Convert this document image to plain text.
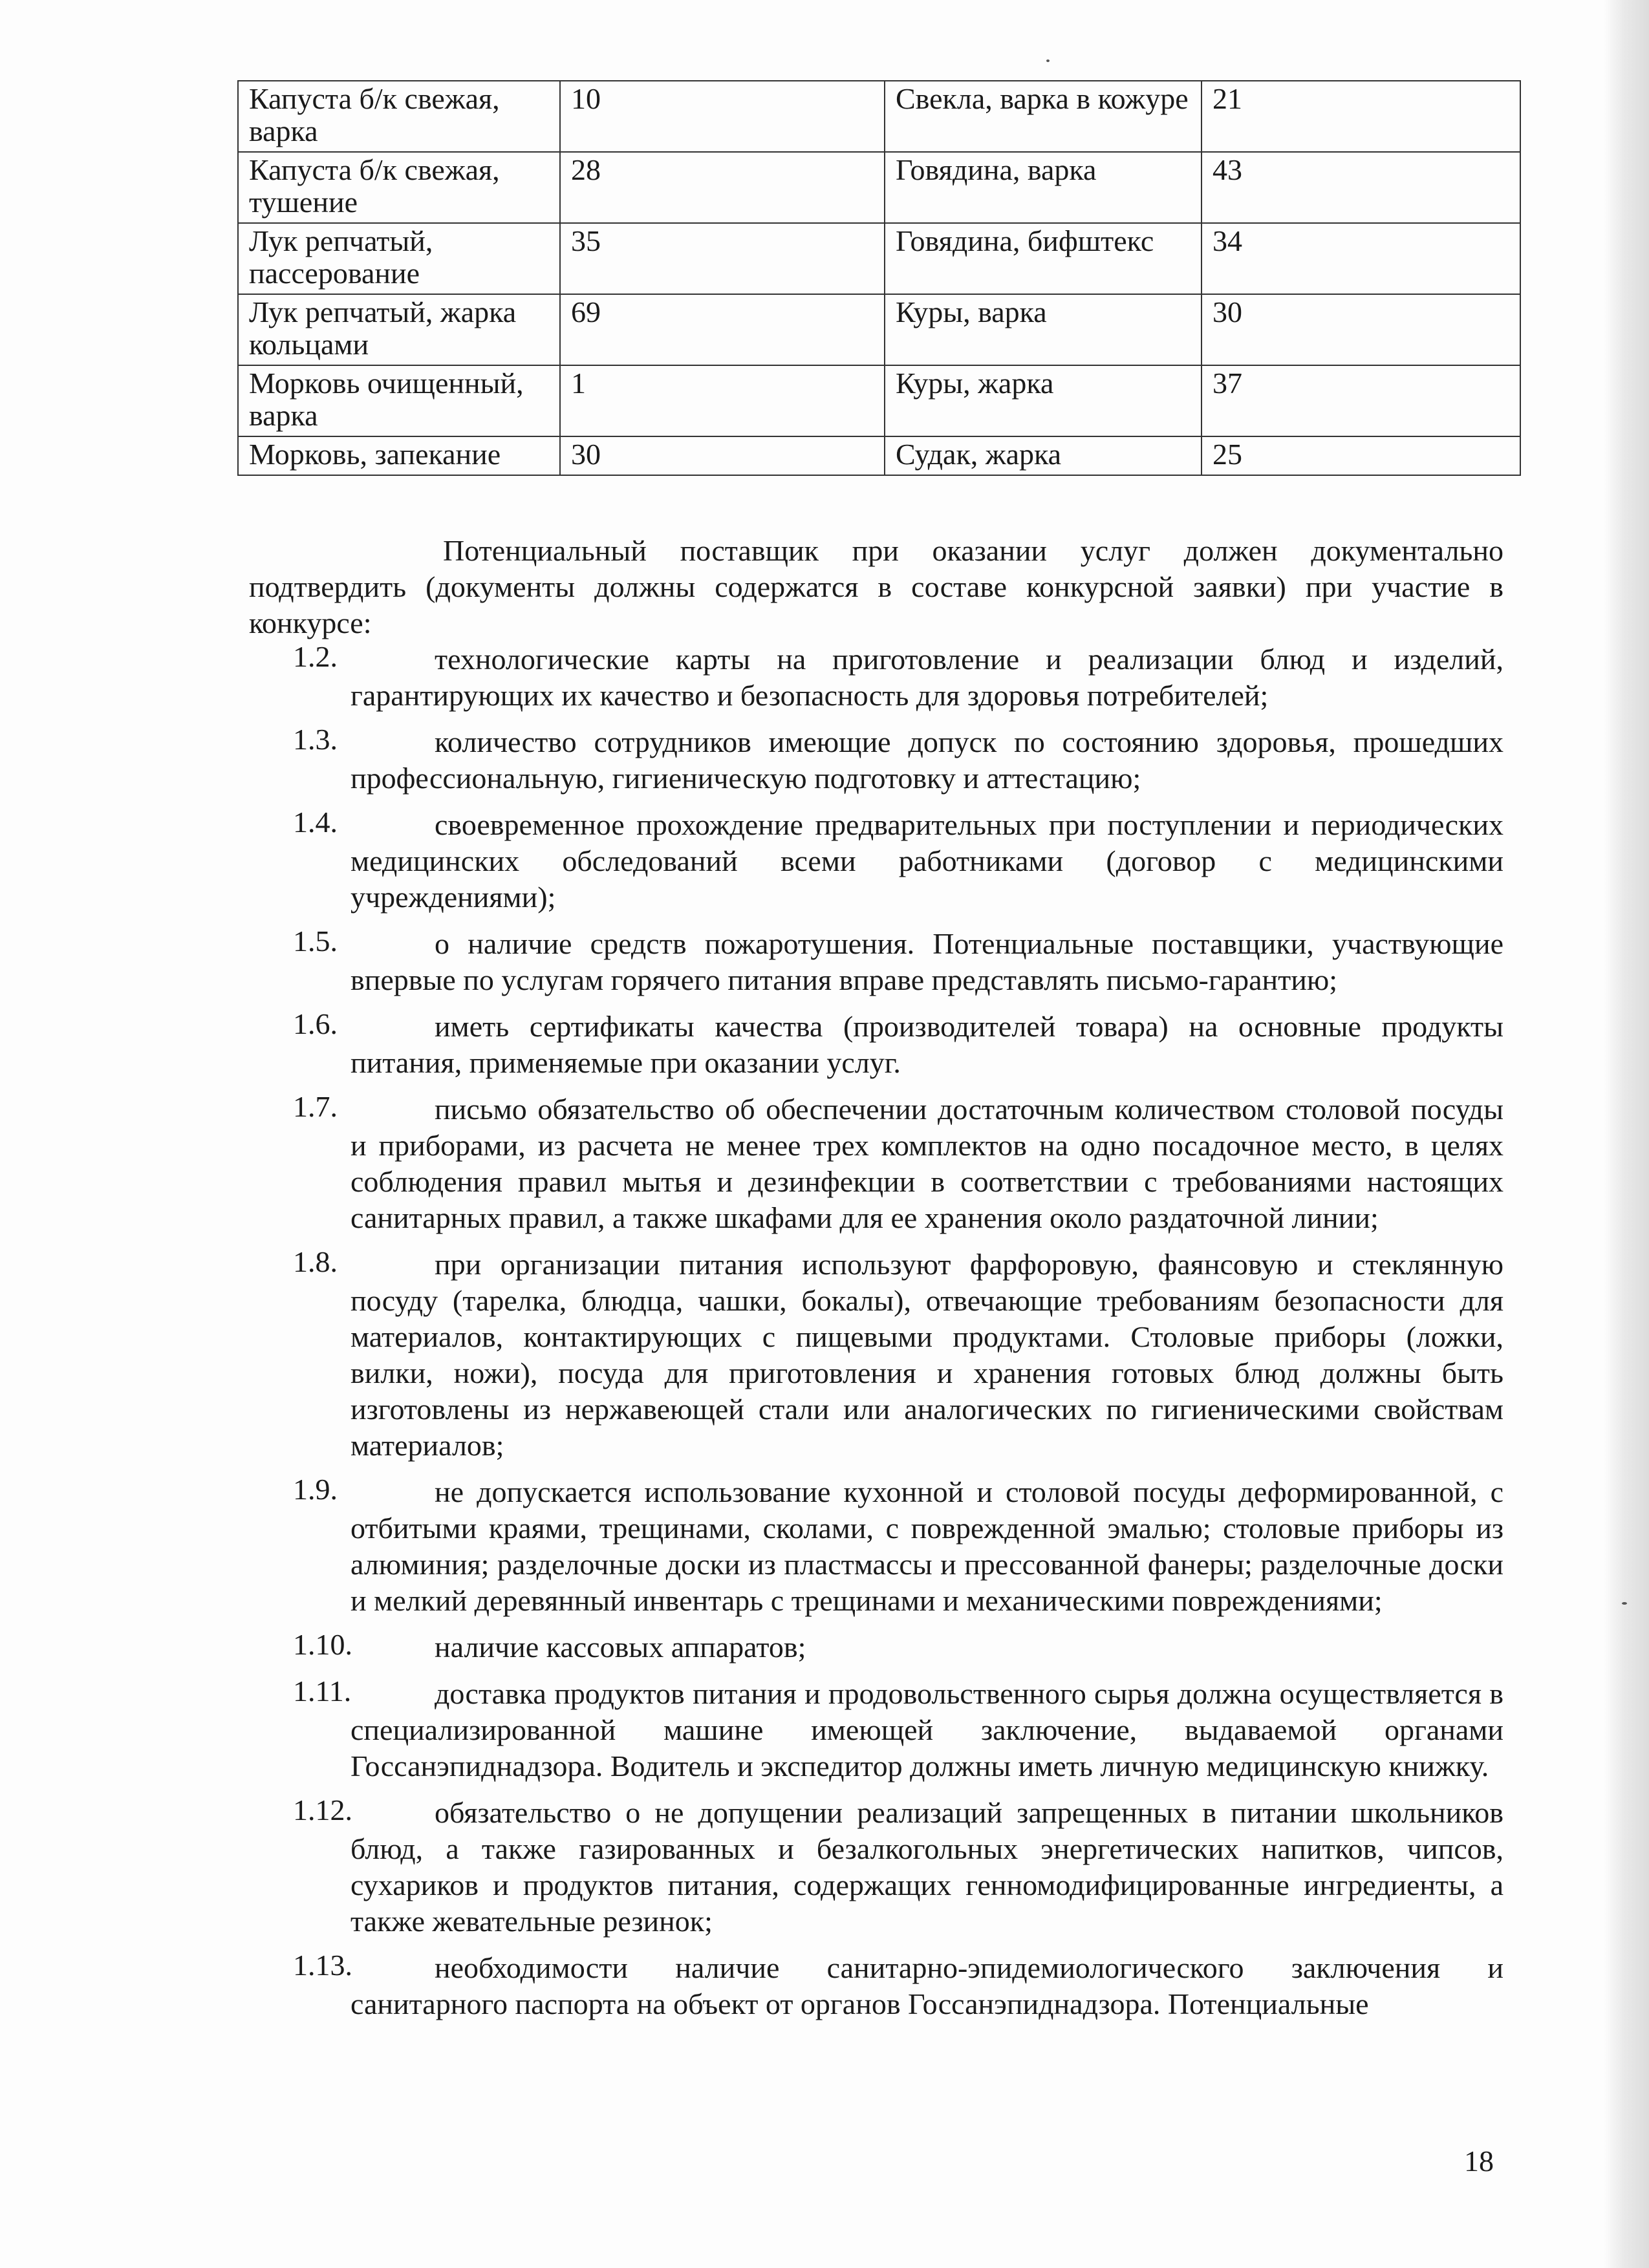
Капуста б/к свежая, варка	10	Свекла, варка в кожуре	21
Капуста б/к свежая, тушение	28	Говядина, варка	43
Лук репчатый, пассерование	35	Говядина, бифштекс	34
Лук репчатый, жарка кольцами	69	Куры, варка	30
Морковь очищенный, варка	1	Куры, жарка	37
Морковь, запекание	30	Судак, жарка	25

Потенциальный поставщик при оказании услуг должен документально подтвердить (документы должны содержатся в составе конкурсной заявки) при участие в конкурсе:

1.2.	технологические карты на приготовление и реализации блюд и изделий, гарантирующих их качество и безопасность для здоровья потребителей;
1.3.	количество сотрудников имеющие допуск по состоянию здоровья, прошедших профессиональную, гигиеническую подготовку и аттестацию;
1.4.	своевременное прохождение предварительных при поступлении и периодических медицинских обследований всеми работниками (договор с медицинскими учреждениями);
1.5.	о наличие средств пожаротушения. Потенциальные поставщики, участвующие впервые по услугам горячего питания вправе представлять письмо-гарантию;
1.6.	иметь сертификаты качества (производителей товара) на основные продукты питания, применяемые при оказании услуг.
1.7.	письмо обязательство об обеспечении достаточным количеством столовой посуды и приборами, из расчета не менее трех комплектов на одно посадочное место, в целях соблюдения правил мытья и дезинфекции в соответствии с требованиями настоящих санитарных правил, а также шкафами для ее хранения около раздаточной линии;
1.8.	при организации питания используют фарфоровую, фаянсовую и стеклянную посуду (тарелка, блюдца, чашки, бокалы), отвечающие требованиям безопасности для материалов, контактирующих с пищевыми продуктами. Столовые приборы (ложки, вилки, ножи), посуда для приготовления и хранения готовых блюд должны быть изготовлены из нержавеющей стали или аналогических по гигиеническими свойствам материалов;
1.9.	не допускается использование кухонной и столовой посуды деформированной, с отбитыми краями, трещинами, сколами, с поврежденной эмалью; столовые приборы из алюминия; разделочные доски из пластмассы и прессованной фанеры; разделочные доски и мелкий деревянный инвентарь с трещинами и механическими повреждениями;
1.10.	наличие кассовых аппаратов;
1.11.	доставка продуктов питания и продовольственного сырья должна осуществляется в специализированной машине имеющей заключение, выдаваемой органами Госсанэпиднадзора. Водитель и экспедитор должны иметь личную медицинскую книжку.
1.12.	обязательство о не допущении реализаций запрещенных в питании школьников блюд, а также газированных и безалкогольных энергетических напитков, чипсов, сухариков и продуктов питания, содержащих генномодифицированные ингредиенты, а также жевательные резинок;
1.13.	необходимости наличие санитарно-эпидемиологического заключения и санитарного паспорта на объект от органов Госсанэпиднадзора. Потенциальные
18
